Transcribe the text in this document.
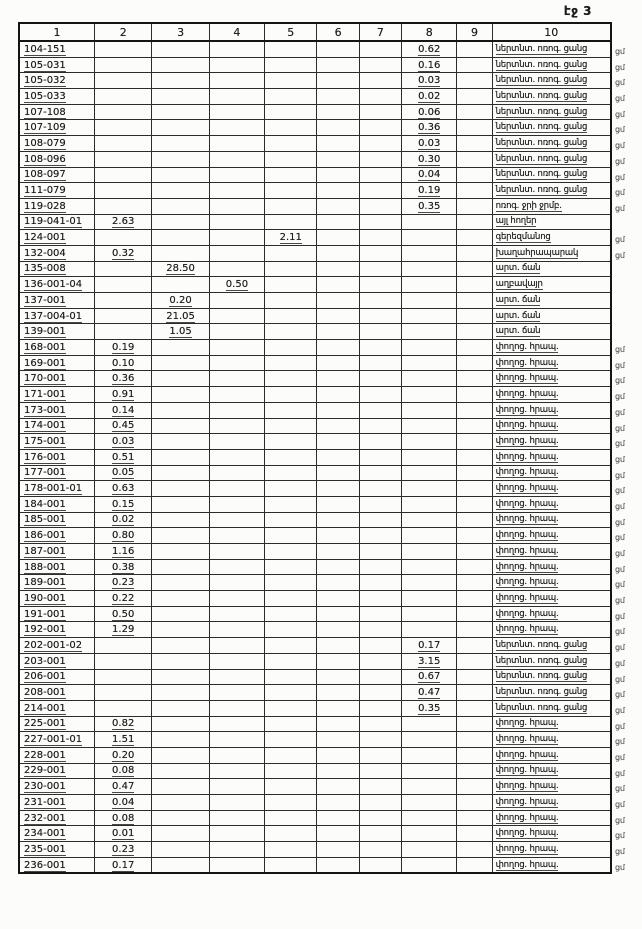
էջ 3
1	2	3	4	5	6	7	8	9	10
104-151							0.62		ներտնտ. ոռոգ. ցանց ցմ

105-031							0.16		ներտնտ. ոռոգ. ցանց ցմ

105-032							0.03		ներտնտ. ոռոգ. ցանց ցմ

105-033							0.02		ներտնտ. ոռոգ. ցանց ցմ

107-108							0.06		ներտնտ. ոռոգ. ցանց ցմ

107-109							0.36		ներտնտ. ոռոգ. ցանց ցմ

108-079							0.03		ներտնտ. ոռոգ. ցանց ցմ

108-096							0.30		ներտնտ. ոռոգ. ցանց ցմ

108-097							0.04		ներտնտ. ոռոգ. ցանց ցմ

111-079							0.19		ներտնտ. ոռոգ. ցանց ցմ

119-028							0.35		ոռոգ. ջրի ջրմբ. ցմ

119-041-01	2.63								այլ հողեր
124-001				2.11					գերեզմանոց ցմ

132-004	0.32								խաղահրապարակ ցմ

135-008		28.50							արտ. ճան
136-001-04			0.50						աղբավայր
137-001		0.20							արտ. ճան
137-004-01		21.05							արտ. ճան
139-001		1.05							արտ. ճան
168-001	0.19								փողոց. հրապ. ցմ

169-001	0.10								փողոց. հրապ. ցմ

170-001	0.36								փողոց. հրապ. ցմ

171-001	0.91								փողոց. հրապ. ցմ

173-001	0.14								փողոց. հրապ. ցմ

174-001	0.45								փողոց. հրապ. ցմ

175-001	0.03								փողոց. հրապ. ցմ

176-001	0.51								փողոց. հրապ. ցմ

177-001	0.05								փողոց. հրապ. ցմ

178-001-01	0.63								փողոց. հրապ. ցմ

184-001	0.15								փողոց. հրապ. ցմ

185-001	0.02								փողոց. հրապ. ցմ

186-001	0.80								փողոց. հրապ. ցմ

187-001	1.16								փողոց. հրապ. ցմ

188-001	0.38								փողոց. հրապ. ցմ

189-001	0.23								փողոց. հրապ. ցմ

190-001	0.22								փողոց. հրապ. ցմ

191-001	0.50								փողոց. հրապ. ցմ

192-001	1.29								փողոց. հրապ. ցմ

202-001-02							0.17		ներտնտ. ոռոգ. ցանց ցմ

203-001							3.15		ներտնտ. ոռոգ. ցանց ցմ

206-001							0.67		ներտնտ. ոռոգ. ցանց ցմ

208-001							0.47		ներտնտ. ոռոգ. ցանց ցմ

214-001							0.35		ներտնտ. ոռոգ. ցանց ցմ

225-001	0.82								փողոց. հրապ. ցմ

227-001-01	1.51								փողոց. հրապ. ցմ

228-001	0.20								փողոց. հրապ. ցմ

229-001	0.08								փողոց. հրապ. ցմ

230-001	0.47								փողոց. հրապ. ցմ

231-001	0.04								փողոց. հրապ. ցմ

232-001	0.08								փողոց. հրապ. ցմ

234-001	0.01								փողոց. հրապ. ցմ

235-001	0.23								փողոց. հրապ. ցմ

236-001	0.17								փողոց. հրապ. ցմ
